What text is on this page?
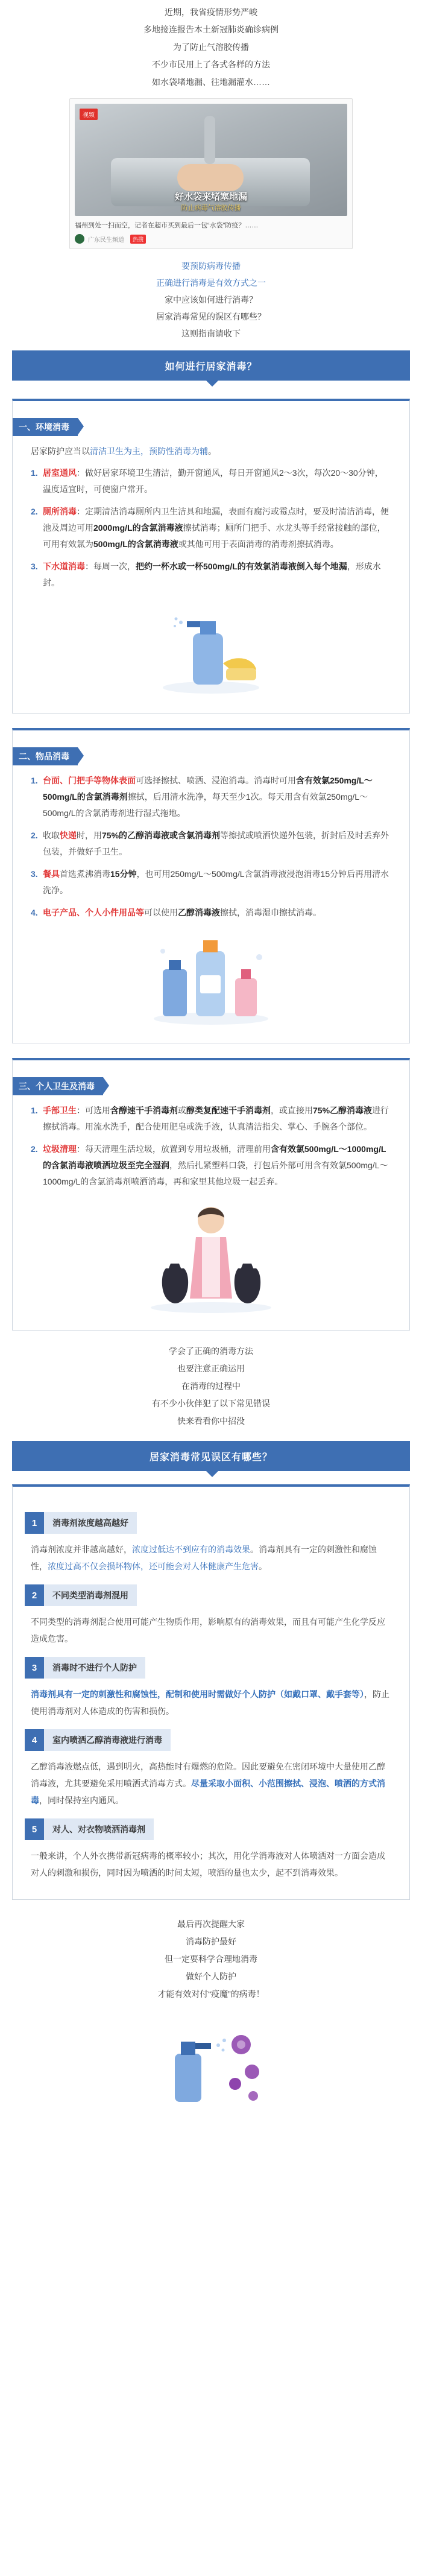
近期，我省疫情形势严峻

多地接连报告本土新冠肺炎确诊病例

为了防止气溶胶传播

不少市民用上了各式各样的方法

如水袋堵地漏、往地漏灌水……

视频
好水袋来堵塞地漏
防止病毒气溶胶传播
福州到处一扫而空，记者在超市买到最后一包“水袋”防疫？……
广东民生频道	热搜

要预防病毒传播

正确进行消毒是有效方式之一

家中应该如何进行消毒？

居家消毒常见的误区有哪些？

这则指南请收下

如何进行居家消毒？
一、环境消毒

居家防护应当以清洁卫生为主，预防性消毒为辅。

1. 居室通风：做好居家环境卫生清洁，勤开窗通风，每日开窗通风2～3次，每次20～30分钟，温度适宜时，可使窗户常开。
2. 厕所消毒：定期清洁消毒厕所内卫生洁具和地漏，表面有腐污或霉点时，要及时清洁消毒，便池及周边可用2000mg/L的含氯消毒液擦拭消毒；厕所门把手、水龙头等手经常接触的部位，可用有效氯为500mg/L的含氯消毒液或其他可用于表面消毒的消毒剂擦拭消毒。
3. 下水道消毒：每周一次，把约一杯水或一杯500mg/L的有效氯消毒液倒入每个地漏，形成水封。
二、物品消毒
1. 台面、门把手等物体表面可选择擦拭、喷洒、浸泡消毒。消毒时可用含有效氯250mg/L～500mg/L的含氯消毒剂擦拭，后用清水洗净，每天至少1次。每天用含有效氯250mg/L～500mg/L的含氯消毒剂进行湿式拖地。
2. 收取快递时，用75%的乙醇消毒液或含氯消毒剂等擦拭或喷洒快递外包装，折封后及时丢弃外包装，并做好手卫生。
3. 餐具首选煮沸消毒15分钟，也可用250mg/L～500mg/L含氯消毒液浸泡消毒15分钟后再用清水洗净。
4. 电子产品、个人小件用品等可以使用乙醇消毒液擦拭，消毒湿巾擦拭消毒。
三、个人卫生及消毒
1. 手部卫生：可选用含醇速干手消毒剂或醇类复配速干手消毒剂，或直接用75%乙醇消毒液进行擦拭消毒。用流水洗手，配合使用肥皂或洗手液，认真清洁指尖、掌心、手腕各个部位。
2. 垃圾清理：每天清理生活垃圾，放置到专用垃圾桶，清理前用含有效氯500mg/L～1000mg/L的含氯消毒液喷洒垃圾至完全湿润，然后扎紧塑料口袋，打包后外部可用含有效氯500mg/L～1000mg/L的含氯消毒剂喷洒消毒，再和家里其他垃圾一起丢弃。

学会了正确的消毒方法

也要注意正确运用

在消毒的过程中

有不少小伙伴犯了以下常见错误

快来看看你中招没

居家消毒常见误区有哪些？
1	消毒剂浓度越高越好

消毒剂浓度并非越高越好，浓度过低达不到应有的消毒效果。消毒剂具有一定的刺激性和腐蚀性，浓度过高不仅会损坏物体，还可能会对人体健康产生危害。

2	不同类型消毒剂混用

不同类型的消毒剂混合使用可能产生物质作用，影响原有的消毒效果，而且有可能产生化学反应造成危害。

3	消毒时不进行个人防护

消毒剂具有一定的刺激性和腐蚀性，配制和使用时需做好个人防护（如戴口罩、戴手套等），防止使用消毒剂对人体造成的伤害和损伤。

4	室内喷洒乙醇消毒液进行消毒

乙醇消毒液燃点低，遇到明火，高热能时有爆燃的危险。因此要避免在密闭环境中大量使用乙醇消毒液，尤其要避免采用喷洒式消毒方式。尽量采取小面积、小范围擦拭、浸泡、喷洒的方式消毒，同时保持室内通风。

5	对人、对衣物喷洒消毒剂

一般来讲，个人外衣携带新冠病毒的概率较小；其次，用化学消毒液对人体喷洒对一方面会造成对人的刺激和损伤，同时因为喷洒的时间太短，喷洒的量也太少，起不到消毒效果。

最后再次提醒大家

消毒防护最好

但一定要科学合理地消毒

做好个人防护

才能有效对付“疫魔”的病毒！
